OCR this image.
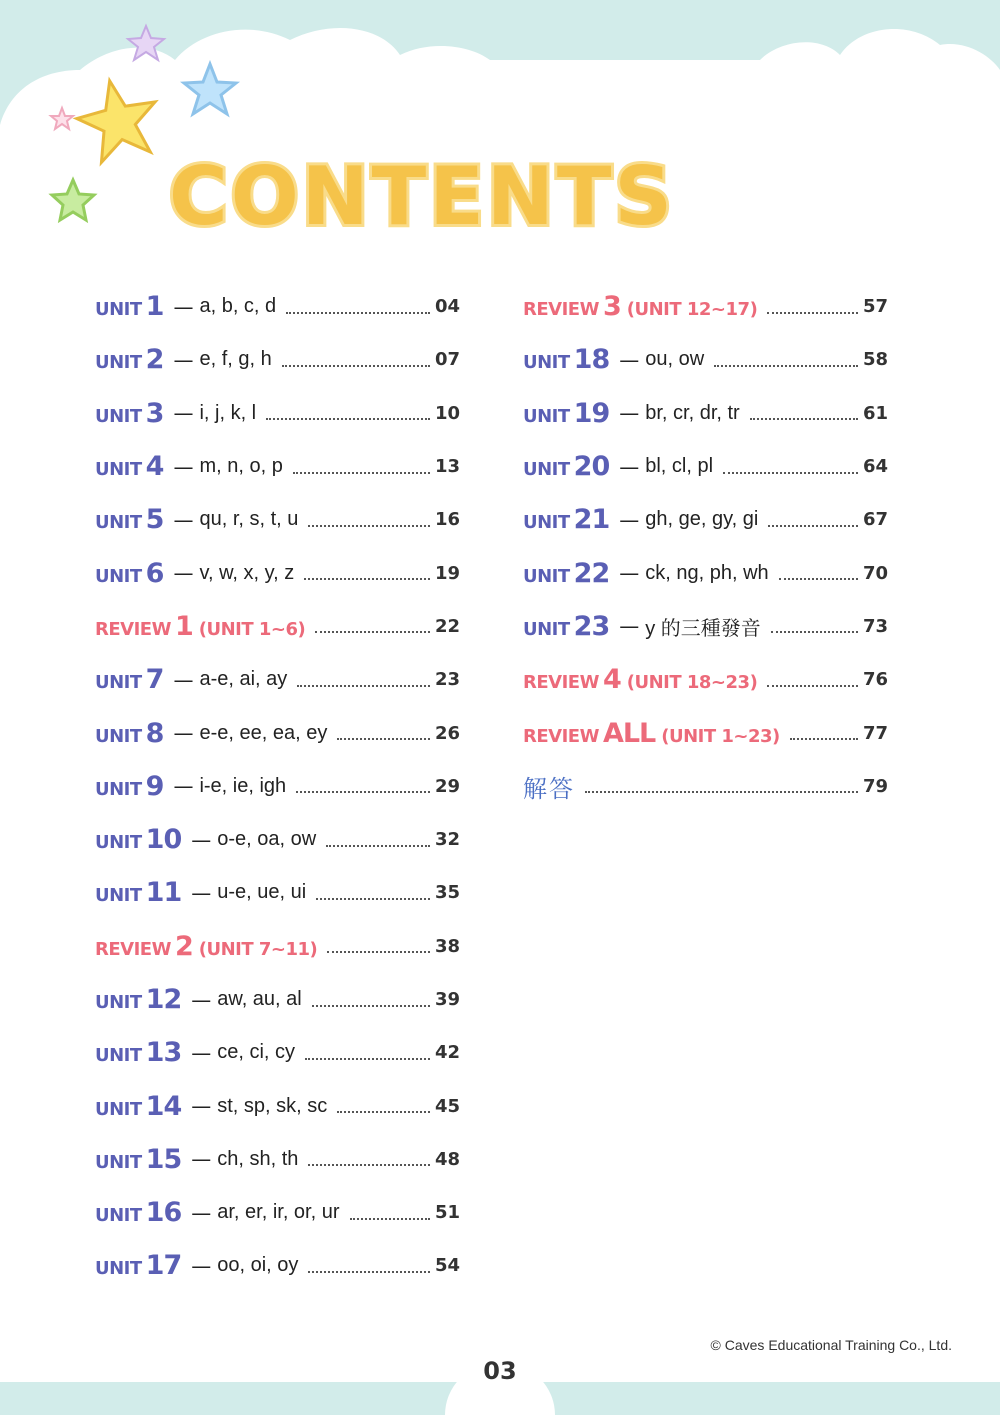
CONTENTS
UNIT 1 — a, b, c, d	04
UNIT 2 — e, f, g, h	07
UNIT 3 — i, j, k, l	10
UNIT 4 — m, n, o, p	13
UNIT 5 — qu, r, s, t, u	16
UNIT 6 — v, w, x, y, z	19
REVIEW 1 (UNIT 1~6)	22
UNIT 7 — a-e, ai, ay	23
UNIT 8 — e-e, ee, ea, ey	26
UNIT 9 — i-e, ie, igh	29
UNIT 10 — o-e, oa, ow	32
UNIT 11 — u-e, ue, ui	35
REVIEW 2 (UNIT 7~11)	38
UNIT 12 — aw, au, al	39
UNIT 13 — ce, ci, cy	42
UNIT 14 — st, sp, sk, sc	45
UNIT 15 — ch, sh, th	48
UNIT 16 — ar, er, ir, or, ur	51
UNIT 17 — oo, oi, oy	54
REVIEW 3 (UNIT 12~17)	57
UNIT 18 — ou, ow	58
UNIT 19 — br, cr, dr, tr	61
UNIT 20 — bl, cl, pl	64
UNIT 21 — gh, ge, gy, gi	67
UNIT 22 — ck, ng, ph, wh	70
UNIT 23 — y 的三種發音	73
REVIEW 4 (UNIT 18~23)	76
REVIEW ALL (UNIT 1~23)	77
解答	79
© Caves Educational Training Co., Ltd.
03
